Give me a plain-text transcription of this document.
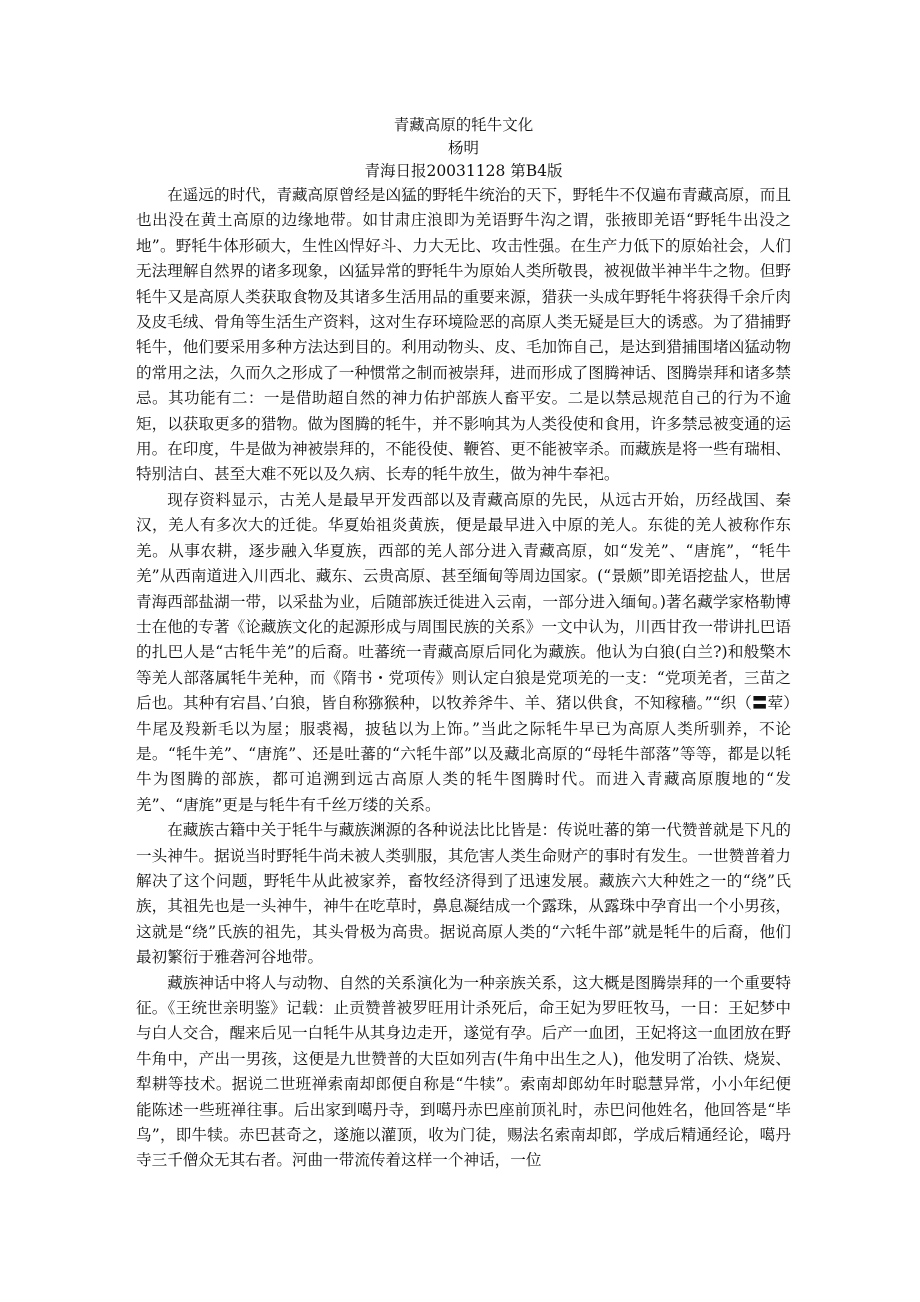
青藏高原的牦牛文化

杨明

青海日报20031128 第B4版

在遥远的时代，青藏高原曾经是凶猛的野牦牛统治的天下，野牦牛不仅遍布青藏高原，而且也出没在黄土高原的边缘地带。如甘肃庄浪即为羌语野牛沟之谓，张掖即羌语“野牦牛出没之地”。野牦牛体形硕大，生性凶悍好斗、力大无比、攻击性强。在生产力低下的原始社会，人们无法理解自然界的诸多现象，凶猛异常的野牦牛为原始人类所敬畏，被视做半神半牛之物。但野牦牛又是高原人类获取食物及其诸多生活用品的重要来源，猎获一头成年野牦牛将获得千余斤肉及皮毛绒、骨角等生活生产资料，这对生存环境险恶的高原人类无疑是巨大的诱惑。为了猎捕野牦牛，他们要采用多种方法达到目的。利用动物头、皮、毛加饰自己，是达到猎捕围堵凶猛动物的常用之法，久而久之形成了一种惯常之制而被崇拜，进而形成了图腾神话、图腾崇拜和诸多禁忌。其功能有二：一是借助超自然的神力佑护部族人畜平安。二是以禁忌规范自己的行为不逾矩，以获取更多的猎物。做为图腾的牦牛，并不影响其为人类役使和食用，许多禁忌被变通的运用。在印度，牛是做为神被崇拜的，不能役使、鞭笞、更不能被宰杀。而藏族是将一些有瑞相、特别洁白、甚至大难不死以及久病、长寿的牦牛放生，做为神牛奉祀。

现存资料显示，古羌人是最早开发西部以及青藏高原的先民，从远古开始，历经战国、秦汉，羌人有多次大的迁徙。华夏始祖炎黄族，便是最早进入中原的羌人。东徙的羌人被称作东羌。从事农耕，逐步融入华夏族，西部的羌人部分进入青藏高原，如“发羌”、“唐旄”，“牦牛羌”从西南道进入川西北、藏东、云贵高原、甚至缅甸等周边国家。(“景颇”即羌语挖盐人，世居青海西部盐湖一带，以采盐为业，后随部族迁徙进入云南，一部分进入缅甸。)著名藏学家格勒博士在他的专著《论藏族文化的起源形成与周围民族的关系》一文中认为，川西甘孜一带讲扎巴语的扎巴人是“古牦牛羌”的后裔。吐蕃统一青藏高原后同化为藏族。他认为白狼(白兰?)和般檠木等羌人部落属牦牛羌种，而《隋书・党项传》则认定白狼是党项羌的一支：“党项羌者，三苗之后也。其种有宕昌、’白狼，皆自称猕猴种，以牧养斧牛、羊、猪以供食，不知稼穑。”“织（〓荤）牛尾及羖新毛以为屋；服裘褐，披毡以为上饰。”当此之际牦牛早已为高原人类所驯养，不论是。“牦牛羌”、“唐旄”、还是吐蕃的“六牦牛部”以及藏北高原的“母牦牛部落”等等，都是以牦牛为图腾的部族，都可追溯到远古高原人类的牦牛图腾时代。而进入青藏高原腹地的“发羌”、“唐旄”更是与牦牛有千丝万缕的关系。

在藏族古籍中关于牦牛与藏族渊源的各种说法比比皆是：传说吐蕃的第一代赞普就是下凡的一头神牛。据说当时野牦牛尚未被人类驯服，其危害人类生命财产的事时有发生。一世赞普着力解决了这个问题，野牦牛从此被家养，畜牧经济得到了迅速发展。藏族六大种姓之一的“绕”氏族，其祖先也是一头神牛，神牛在吃草时，鼻息凝结成一个露珠，从露珠中孕育出一个小男孩，这就是“绕”氏族的祖先，其头骨极为高贵。据说高原人类的“六牦牛部”就是牦牛的后裔，他们最初繁衍于雅砻河谷地带。

藏族神话中将人与动物、自然的关系演化为一种亲族关系，这大概是图腾崇拜的一个重要特征。《王统世亲明鉴》记载：止贡赞普被罗旺用计杀死后，命王妃为罗旺牧马，一日：王妃梦中与白人交合，醒来后见一白牦牛从其身边走开，遂觉有孕。后产一血团，王妃将这一血团放在野牛角中，产出一男孩，这便是九世赞普的大臣如列吉(牛角中出生之人)，他发明了冶铁、烧炭、犁耕等技术。据说二世班禅索南却郎便自称是“牛犊”。索南却郎幼年时聪慧异常，小小年纪便能陈述一些班禅往事。后出家到噶丹寺，到噶丹赤巴座前顶礼时，赤巴问他姓名，他回答是“毕鸟”，即牛犊。赤巴甚奇之，遂施以灌顶，收为门徒，赐法名索南却郎，学成后精通经论，噶丹寺三千僧众无其右者。河曲一带流传着这样一个神话，一位
